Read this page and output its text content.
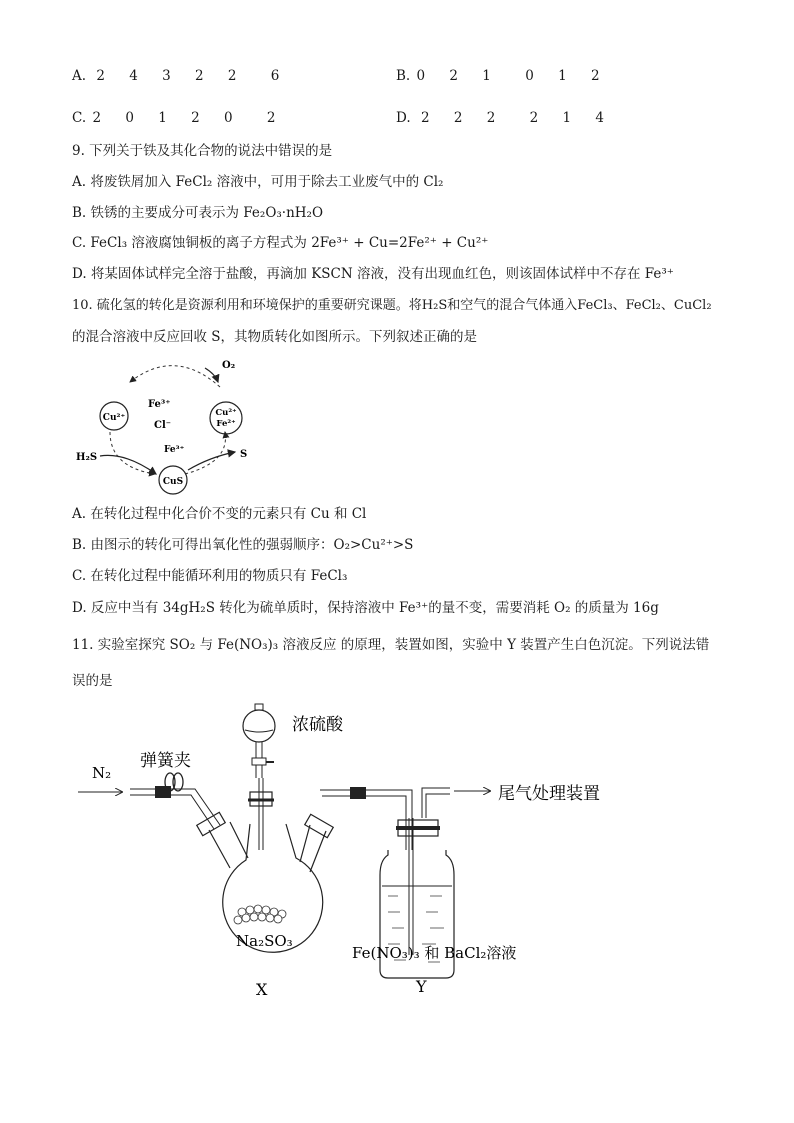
A. 2 4 3 2 2	6	B. 0 2 1	0 1 2
C. 2 0 1 2 0	2	D. 2 2 2	2 1 4
9. 下列关于铁及其化合物的说法中错误的是
A. 将废铁屑加入 FeCl₂ 溶液中，可用于除去工业废气中的 Cl₂
B. 铁锈的主要成分可表示为 Fe₂O₃·nH₂O
C. FeCl₃ 溶液腐蚀铜板的离子方程式为 2Fe³⁺ + Cu=2Fe²⁺ + Cu²⁺
D. 将某固体试样完全溶于盐酸，再滴加 KSCN 溶液，没有出现血红色，则该固体试样中不存在 Fe³⁺
10. 硫化氢的转化是资源利用和环境保护的重要研究课题。将H₂S和空气的混合气体通入FeCl₃、FeCl₂、CuCl₂
的混合溶液中反应回收 S，其物质转化如图所示。下列叙述正确的是
O₂
Cu²⁺
Fe³⁺
Cl⁻
Cu²⁺
Fe²⁺
H₂S
CuS
Fe³⁺	S
A. 在转化过程中化合价不变的元素只有 Cu 和 Cl
B. 由图示的转化可得出氧化性的强弱顺序：O₂>Cu²⁺>S
C. 在转化过程中能循环利用的物质只有 FeCl₃
D. 反应中当有 34gH₂S 转化为硫单质时，保持溶液中 Fe³⁺的量不变，需要消耗 O₂ 的质量为 16g
11. 实验室探究 SO₂ 与 Fe(NO₃)₃ 溶液反应 的原理，装置如图，实验中 Y 装置产生白色沉淀。下列说法错
误的是
N₂
弹簧夹
浓硫酸
Na₂SO₃
X
Fe(NO₃)₃ 和 BaCl₂溶液
Y
尾气处理装置
